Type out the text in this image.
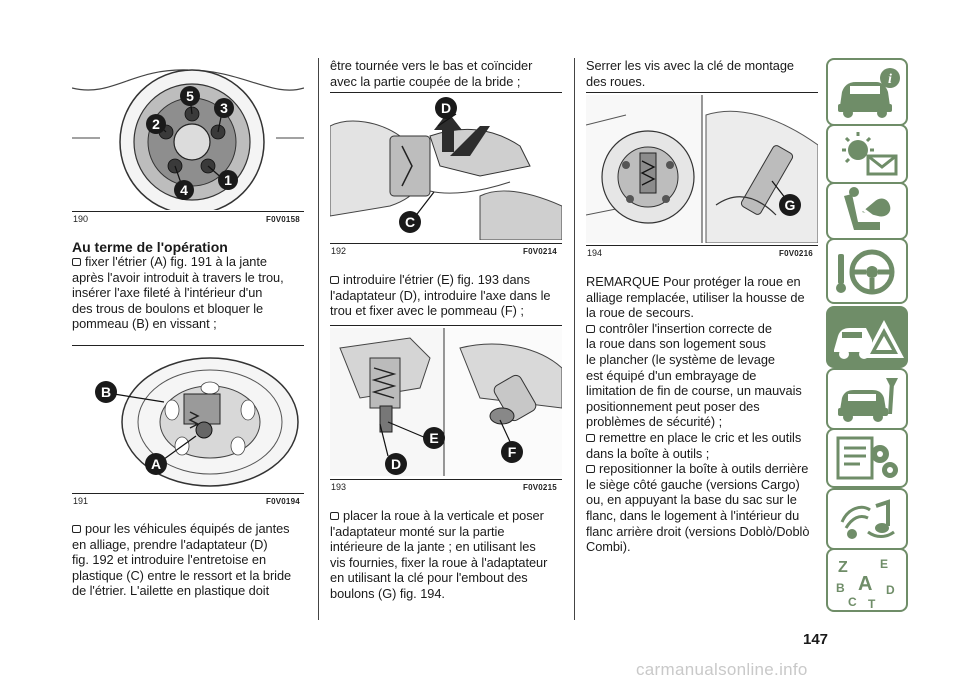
5
3
2
4
1
190	F0V0158
Au terme de l'opération

fixer l'étrier (A) fig. 191 à la jante

après l'avoir introduit à travers le trou,

insérer l'axe fileté à l'intérieur d'un

des trous de boulons et bloquer le

pommeau (B) en vissant ;

B
A
191	F0V0194

pour les véhicules équipés de jantes

en alliage, prendre l'adaptateur (D)

fig. 192 et introduire l'entretoise en

plastique (C) entre le ressort et la bride

de l'étrier. L'ailette en plastique doit

être tournée vers le bas et coïncider

avec la partie coupée de la bride ;

D
C
192	F0V0214

introduire l'étrier (E) fig. 193 dans

l'adaptateur (D), introduire l'axe dans le

trou et fixer avec le pommeau (F) ;

E
D
F
193	F0V0215

placer la roue à la verticale et poser

l'adaptateur monté sur la partie

intérieure de la jante ; en utilisant les

vis fournies, fixer la roue à l'adaptateur

en utilisant la clé pour l'embout des

boulons (G) fig. 194.

Serrer les vis avec la clé de montage

des roues.

G
194	F0V0216

REMARQUE Pour protéger la roue en

alliage remplacée, utiliser la housse de

la roue de secours.

contrôler l'insertion correcte de

la roue dans son logement sous

le plancher (le système de levage

est équipé d'un embrayage de

limitation de fin de course, un mauvais

positionnement peut poser des

problèmes de sécurité) ;

remettre en place le cric et les outils

dans la boîte à outils ;

repositionner la boîte à outils derrière

le siège côté gauche (versions Cargo)

ou, en appuyant la base du sac sur le

flanc, dans le logement à l'intérieur du

flanc arrière droit (versions Doblò/Doblò

Combi).

147
i
Z	E
B A
C T
D
carmanualsonline.info
